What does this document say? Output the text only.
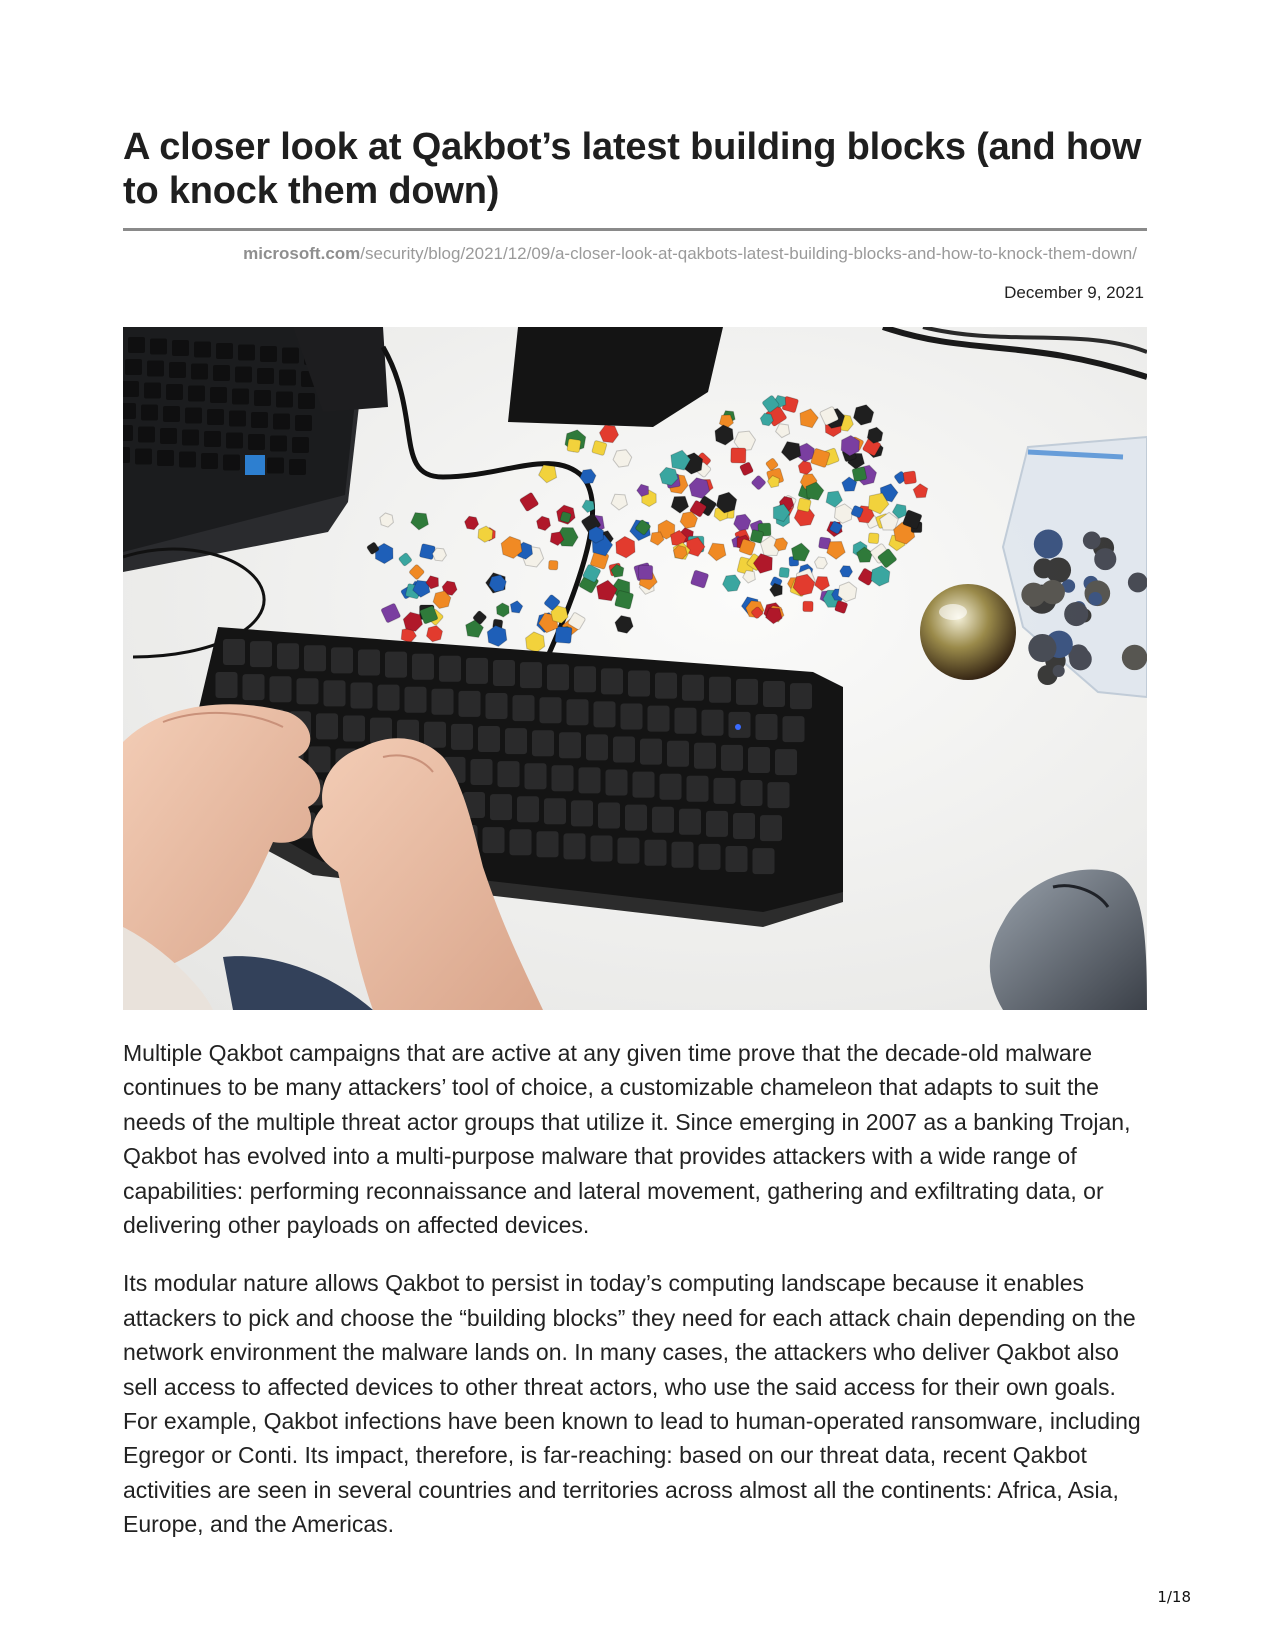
A closer look at Qakbot’s latest building blocks (and how to knock them down)
microsoft.com/security/blog/2021/12/09/a-closer-look-at-qakbots-latest-building-blocks-and-how-to-knock-them-down/
December 9, 2021

Multiple Qakbot campaigns that are active at any given time prove that the decade-old malware continues to be many attackers’ tool of choice, a customizable chameleon that adapts to suit the needs of the multiple threat actor groups that utilize it. Since emerging in 2007 as a banking Trojan, Qakbot has evolved into a multi-purpose malware that provides attackers with a wide range of capabilities: performing reconnaissance and lateral movement, gathering and exfiltrating data, or delivering other payloads on affected devices.

Its modular nature allows Qakbot to persist in today’s computing landscape because it enables attackers to pick and choose the “building blocks” they need for each attack chain depending on the network environment the malware lands on. In many cases, the attackers who deliver Qakbot also sell access to affected devices to other threat actors, who use the said access for their own goals. For example, Qakbot infections have been known to lead to human-operated ransomware, including Egregor or Conti. Its impact, therefore, is far-reaching: based on our threat data, recent Qakbot activities are seen in several countries and territories across almost all the continents: Africa, Asia, Europe, and the Americas.

1/18
